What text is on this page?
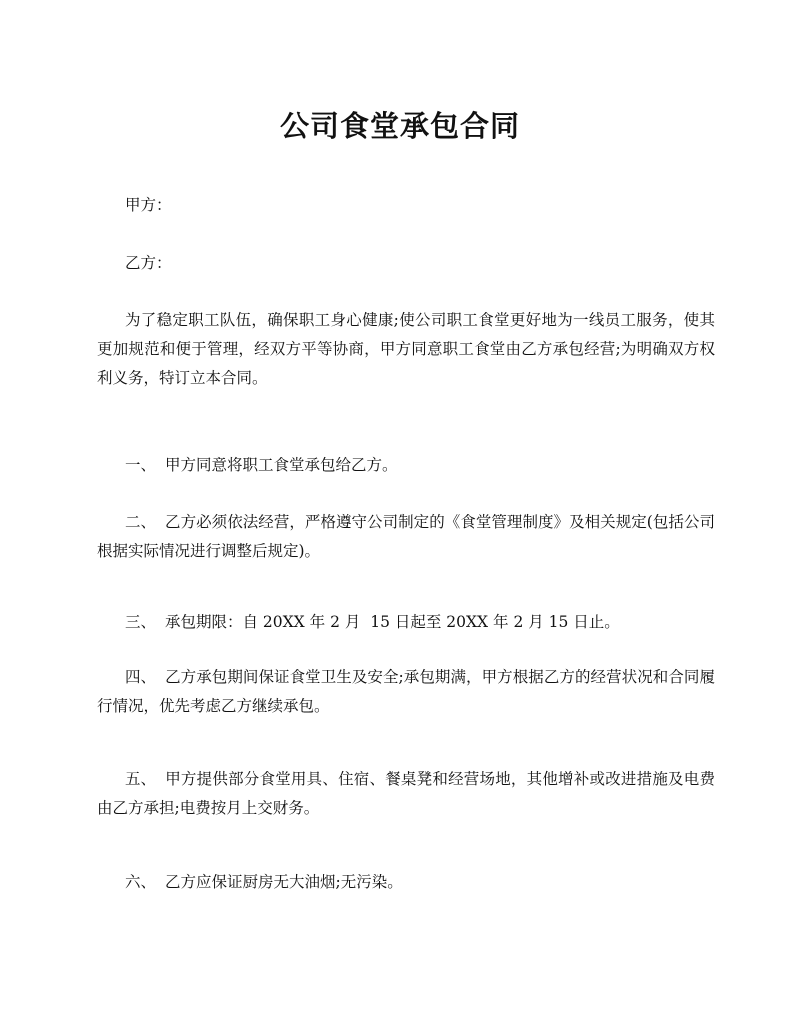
公司食堂承包合同

甲方：

乙方：

为了稳定职工队伍，确保职工身心健康;使公司职工食堂更好地为一线员工服务，使其更加规范和便于管理，经双方平等协商，甲方同意职工食堂由乙方承包经营;为明确双方权利义务，特订立本合同。

一、 甲方同意将职工食堂承包给乙方。

二、 乙方必须依法经营，严格遵守公司制定的《食堂管理制度》及相关规定(包括公司根据实际情况进行调整后规定)。

三、 承包期限：自 20XX 年 2 月  15 日起至 20XX 年 2 月 15 日止。

四、 乙方承包期间保证食堂卫生及安全;承包期满，甲方根据乙方的经营状况和合同履行情况，优先考虑乙方继续承包。

五、 甲方提供部分食堂用具、住宿、餐桌凳和经营场地，其他增补或改进措施及电费由乙方承担;电费按月上交财务。

六、 乙方应保证厨房无大油烟;无污染。
